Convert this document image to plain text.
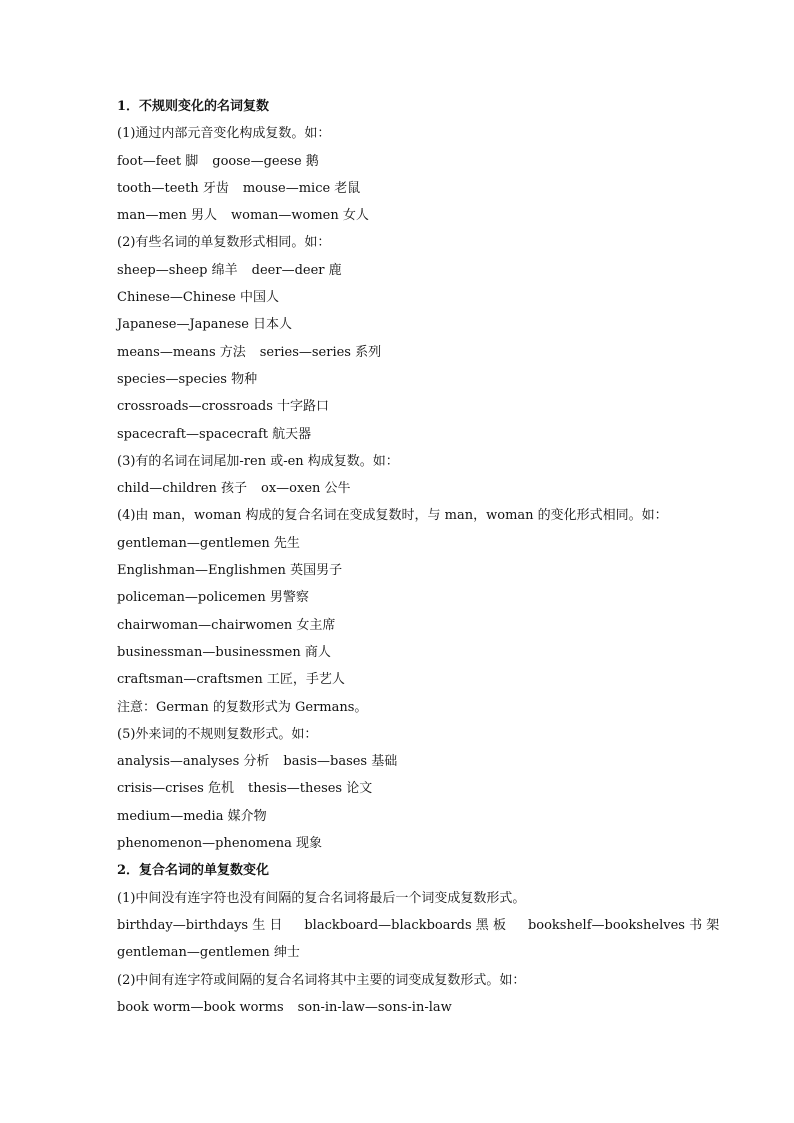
1．不规则变化的名词复数
(1)通过内部元音变化构成复数。如：
foot—feet 脚 goose—geese 鹅
tooth—teeth 牙齿 mouse—mice 老鼠
man—men 男人 woman—women 女人
(2)有些名词的单复数形式相同。如：
sheep—sheep 绵羊 deer—deer 鹿
Chinese—Chinese 中国人
Japanese—Japanese 日本人
means—means 方法 series—series 系列
species—species 物种
crossroads—crossroads 十字路口
spacecraft—spacecraft 航天器
(3)有的名词在词尾加-ren 或-en 构成复数。如：
child—children 孩子 ox—oxen 公牛
(4)由 man，woman 构成的复合名词在变成复数时，与 man，woman 的变化形式相同。如：
gentleman—gentlemen 先生
Englishman—Englishmen 英国男子
policeman—policemen 男警察
chairwoman—chairwomen 女主席
businessman—businessmen 商人
craftsman—craftsmen 工匠，手艺人
注意：German 的复数形式为 Germans。
(5)外来词的不规则复数形式。如：
analysis—analyses 分析 basis—bases 基础
crisis—crises 危机 thesis—theses 论文
medium—media 媒介物
phenomenon—phenomena 现象
2．复合名词的单复数变化
(1)中间没有连字符也没有间隔的复合名词将最后一个词变成复数形式。
birthday—birthdays 生 日 blackboard—blackboards 黑 板 bookshelf—bookshelves 书 架
gentleman—gentlemen 绅士
(2)中间有连字符或间隔的复合名词将其中主要的词变成复数形式。如：
book worm—book worms son-in-law—sons-in-law
